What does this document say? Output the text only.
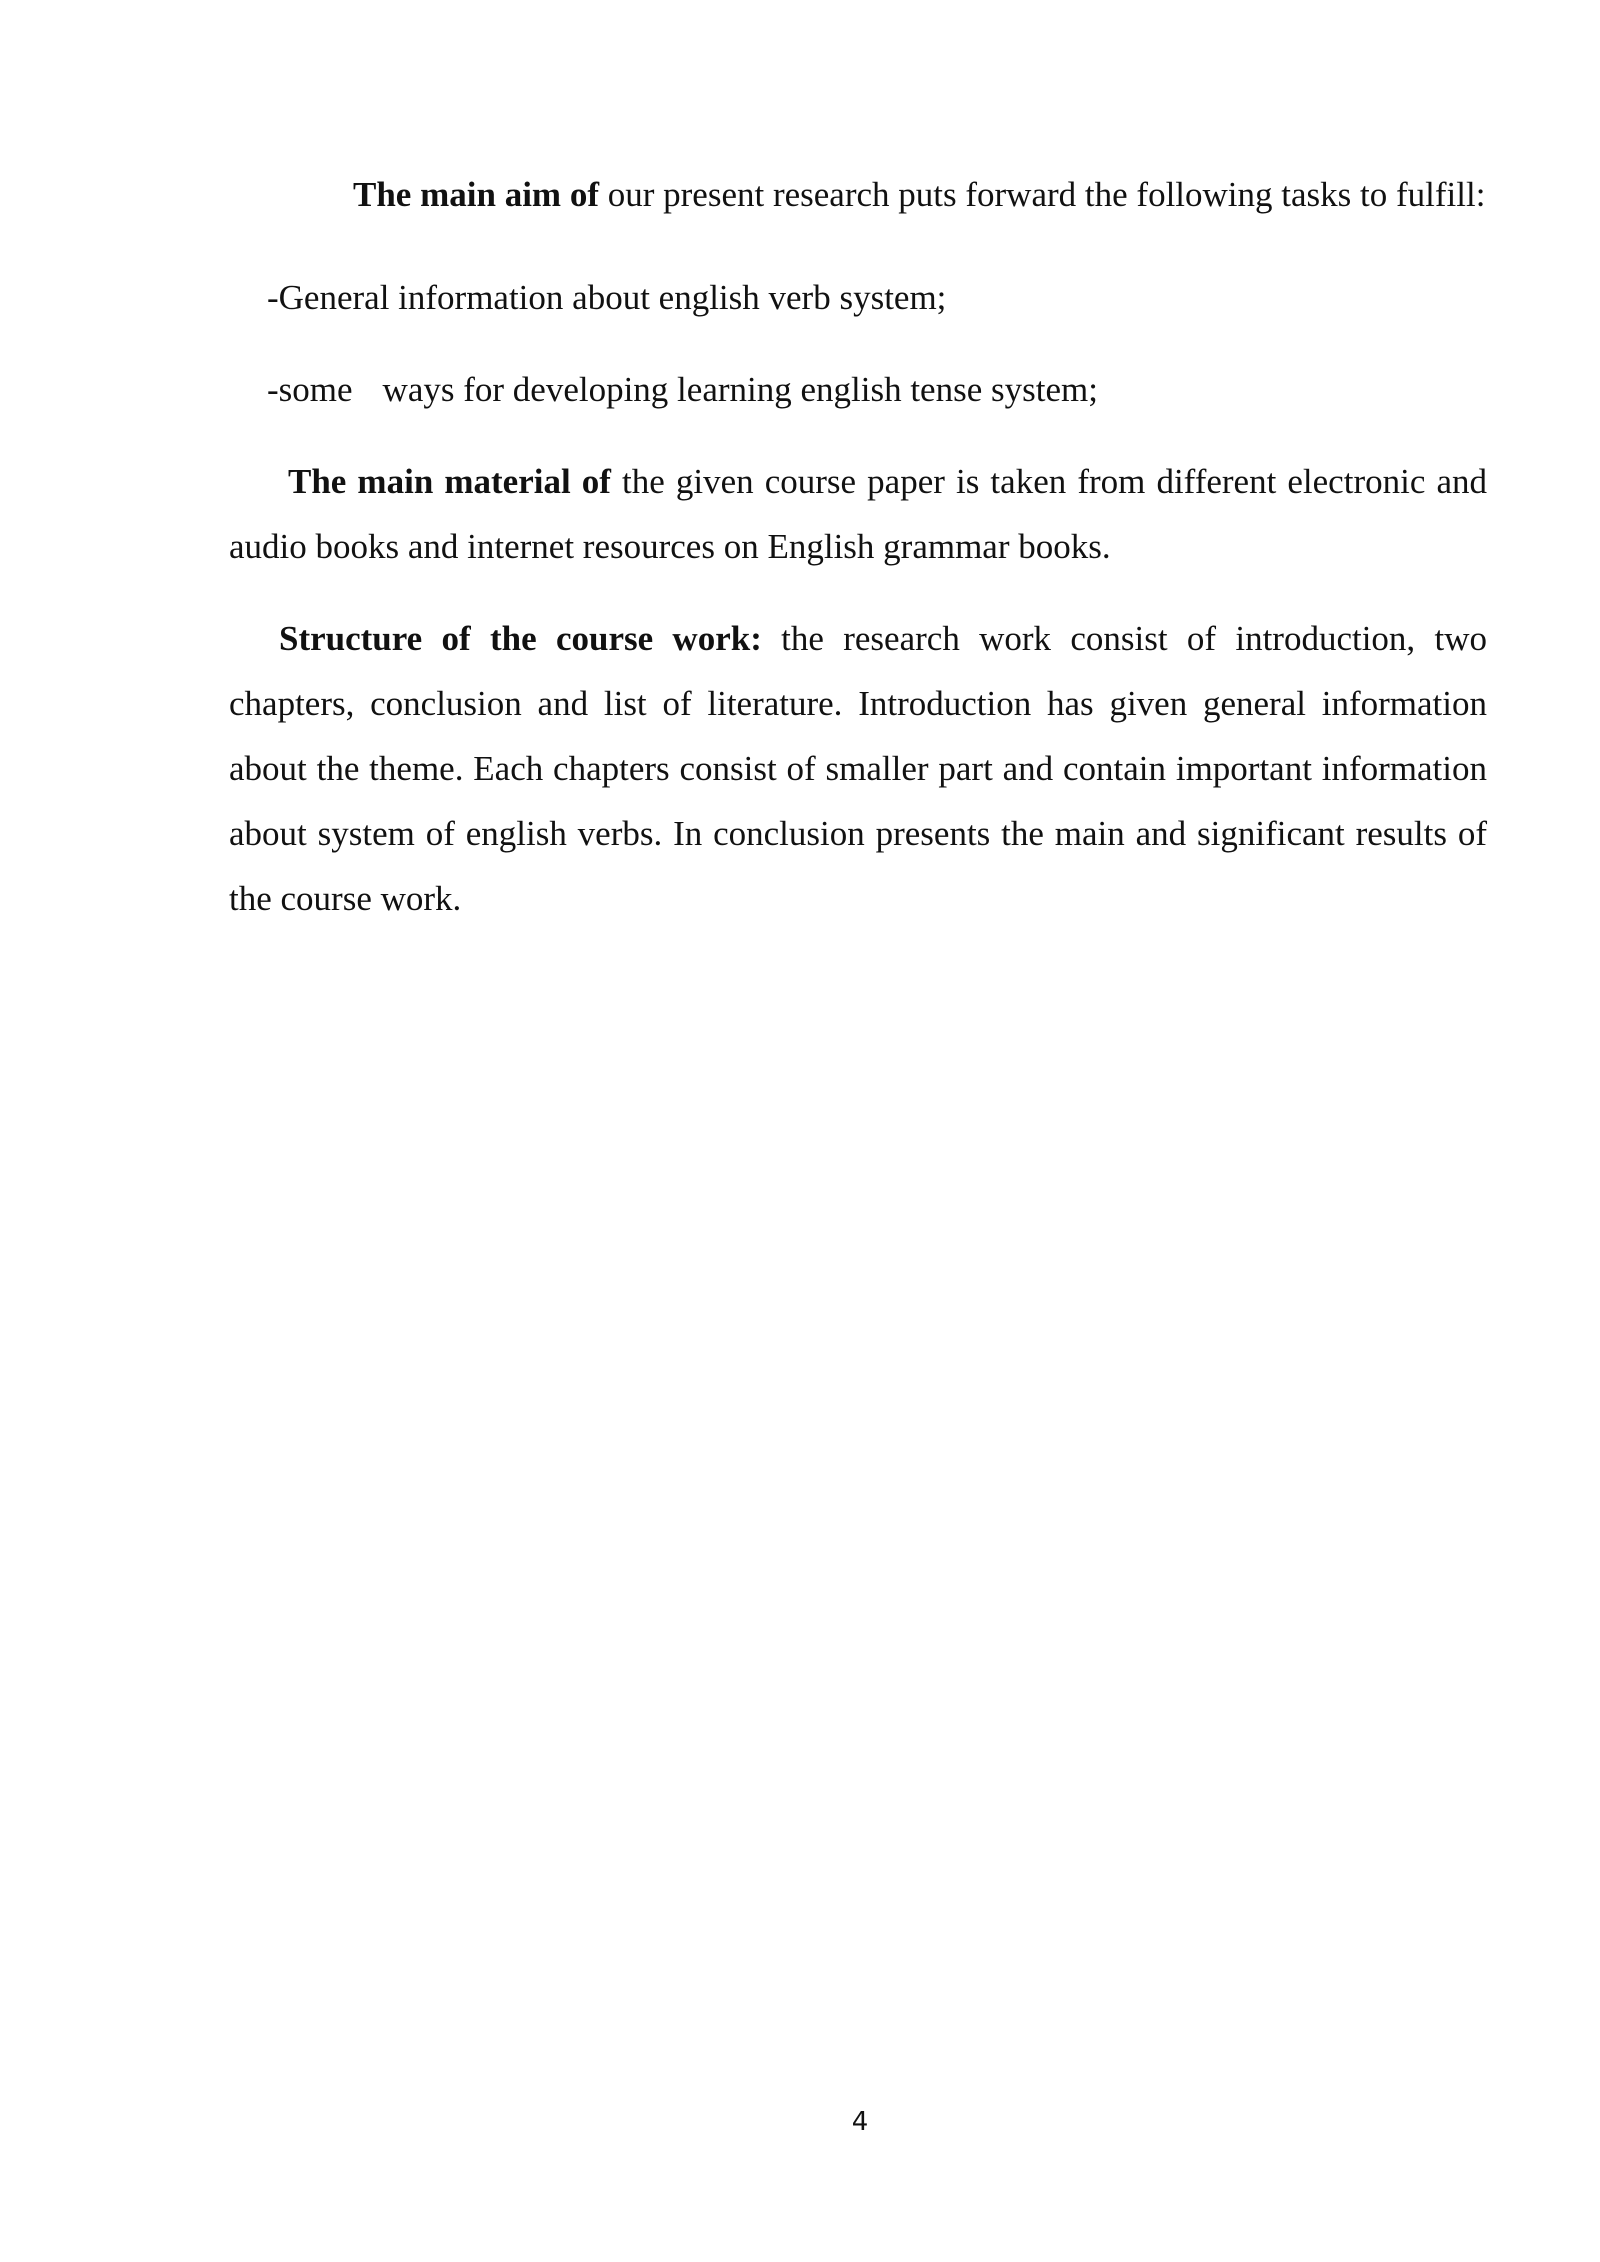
The main aim of our present research puts forward the following tasks to fulfill:

-General information about english verb system;

-some ways for developing learning english tense system;

The main material of the given course paper is taken from different electronic and audio books and internet resources on English grammar books.

Structure of the course work: the research work consist of introduction, two chapters, conclusion and list of literature. Introduction has given general information about the theme. Each chapters consist of smaller part and contain important information about system of english verbs. In conclusion presents the main and significant results of the course work.

4
